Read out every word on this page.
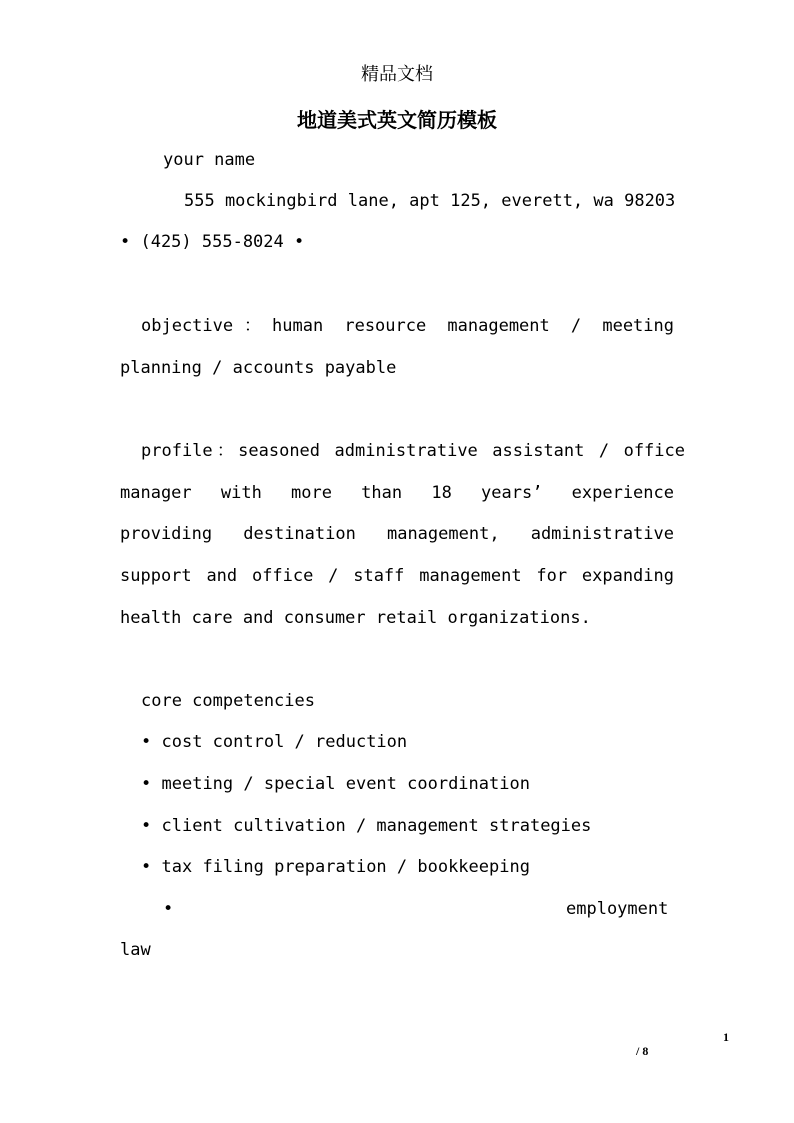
精品文档
地道美式英文简历模板
your name
555 mockingbird lane, apt 125, everett, wa 98203
• (425) 555-8024 •
objective：human resource management / meeting
planning / accounts payable
profile：seasoned administrative assistant / office
manager with more than 18 years’ experience
providing destination management, administrative
support and office / staff management for expanding
health care and consumer retail organizations.
core competencies
• cost control / reduction
• meeting / special event coordination
• client cultivation / management strategies
• tax filing preparation / bookkeeping
•	employment
law
1
/ 8
